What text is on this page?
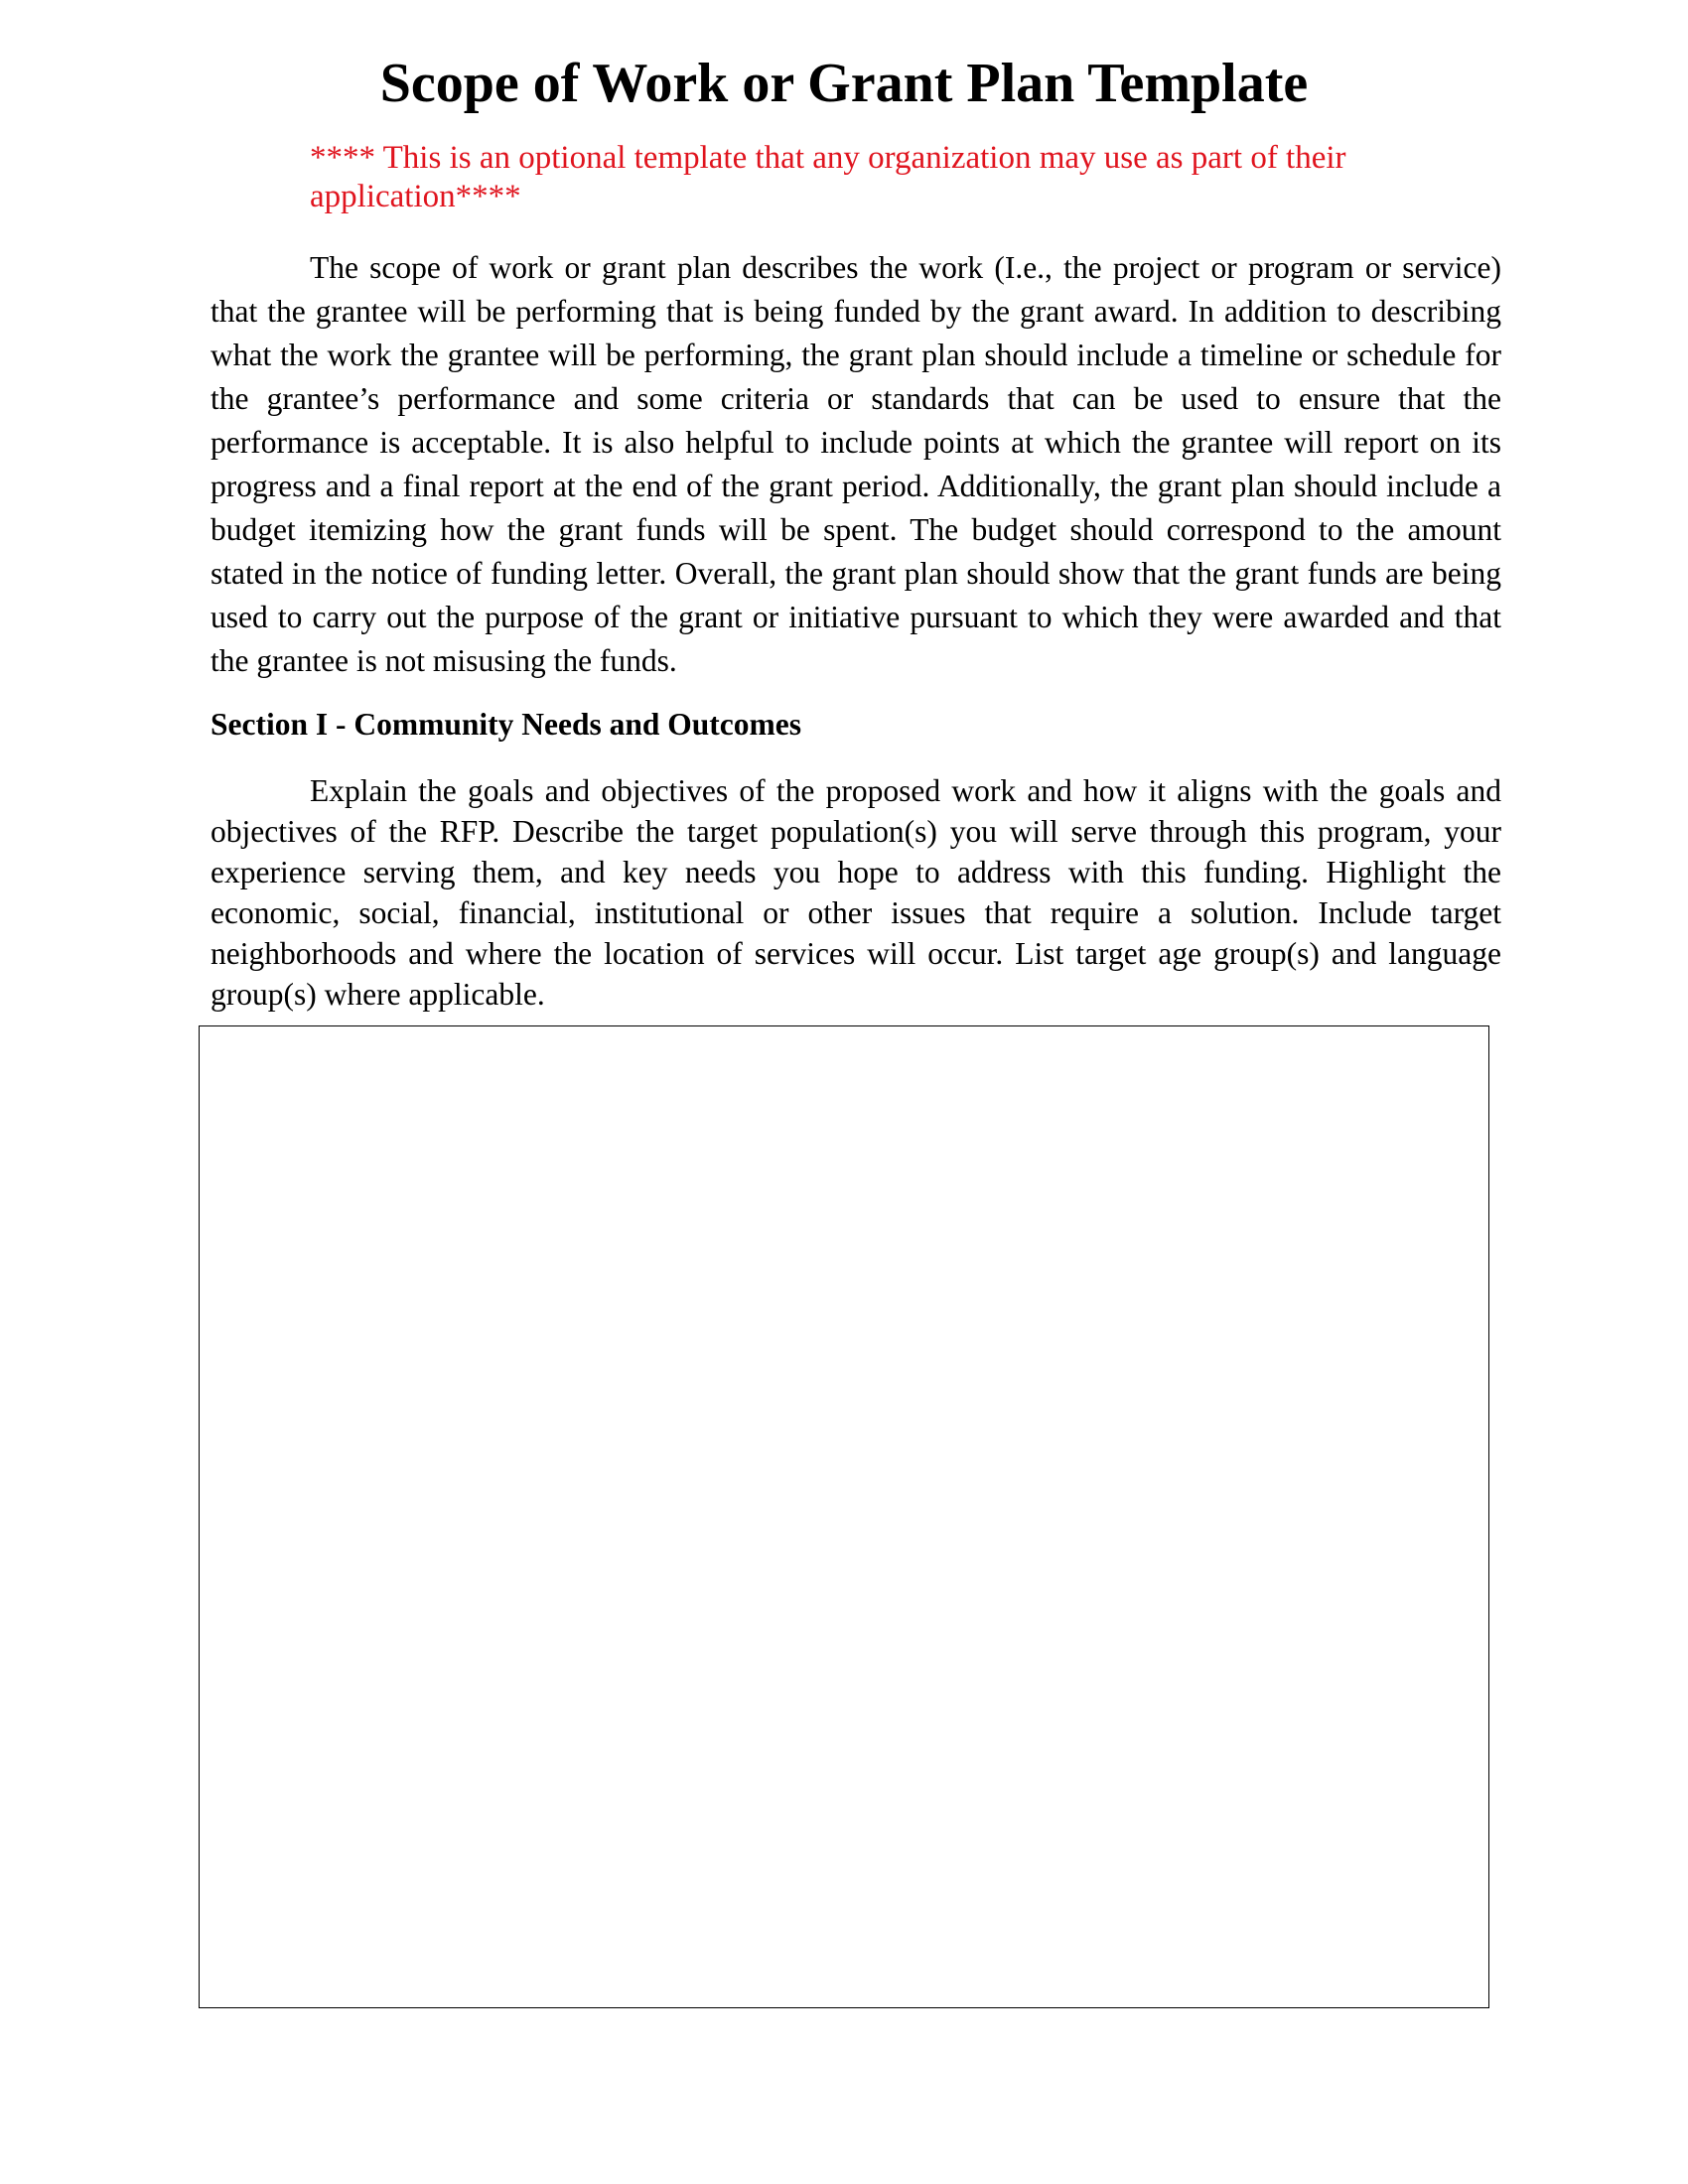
Scope of Work or Grant Plan Template

**** This is an optional template that any organization may use as part of their application****

The scope of work or grant plan describes the work (I.e., the project or program or service) that the grantee will be performing that is being funded by the grant award. In addition to describing what the work the grantee will be performing, the grant plan should include a timeline or schedule for the grantee’s performance and some criteria or standards that can be used to ensure that the performance is acceptable. It is also helpful to include points at which the grantee will report on its progress and a final report at the end of the grant period. Additionally, the grant plan should include a budget itemizing how the grant funds will be spent. The budget should correspond to the amount stated in the notice of funding letter. Overall, the grant plan should show that the grant funds are being used to carry out the purpose of the grant or initiative pursuant to which they were awarded and that the grantee is not misusing the funds.

Section I - Community Needs and Outcomes

Explain the goals and objectives of the proposed work and how it aligns with the goals and objectives of the RFP. Describe the target population(s) you will serve through this program, your experience serving them, and key needs you hope to address with this funding. Highlight the economic, social, financial, institutional or other issues that require a solution. Include target neighborhoods and where the location of services will occur. List target age group(s) and language group(s) where applicable.
